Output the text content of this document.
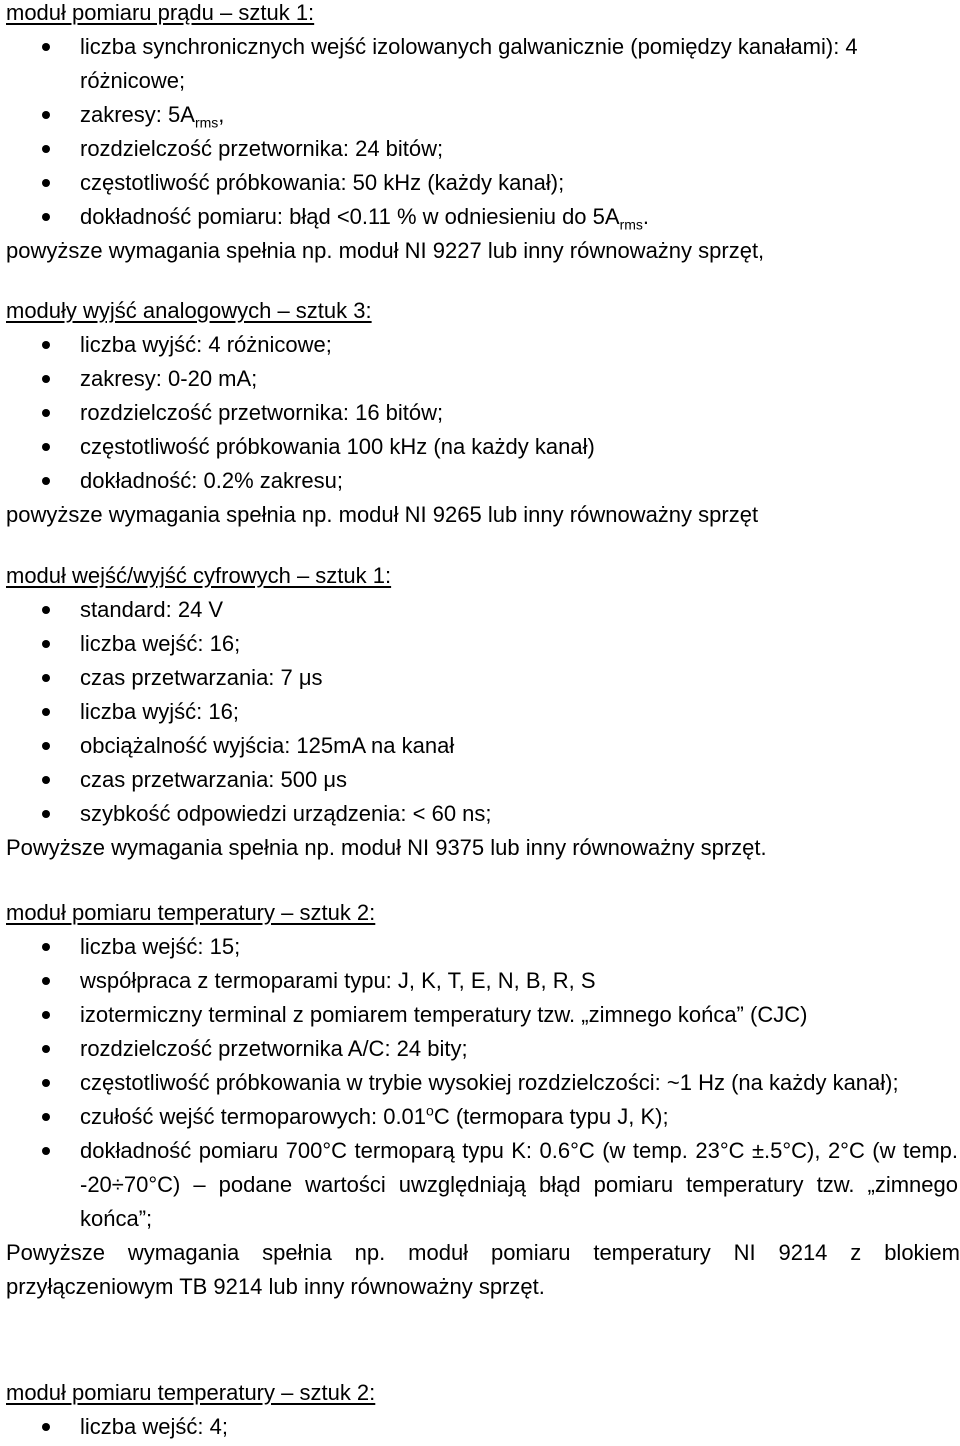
moduł pomiaru prądu – sztuk 1:

liczba synchronicznych wejść izolowanych galwanicznie (pomiędzy kanałami): 4 różnicowe;
zakresy: $5A_{rms}$,
rozdzielczość przetwornika: 24 bitów;
częstotliwość próbkowania: 50 kHz (każdy kanał);
dokładność pomiaru: błąd <0.11 % w odniesieniu do $5A_{rms}$.

powyższe wymagania spełnia np. moduł NI 9227 lub inny równoważny sprzęt,

moduły wyjść analogowych – sztuk 3:

liczba wyjść: 4 różnicowe;
zakresy: 0-20 mA;
rozdzielczość przetwornika: 16 bitów;
częstotliwość próbkowania 100 kHz (na każdy kanał)
dokładność: 0.2% zakresu;

powyższe wymagania spełnia np. moduł NI 9265 lub inny równoważny sprzęt

moduł wejść/wyjść cyfrowych – sztuk 1:

standard: 24 V
liczba wejść: 16;
czas przetwarzania: 7 μs
liczba wyjść: 16;
obciążalność wyjścia: 125mA na kanał
czas przetwarzania: 500 μs
szybkość odpowiedzi urządzenia: < 60 ns;

Powyższe wymagania spełnia np. moduł NI 9375 lub inny równoważny sprzęt.

moduł pomiaru temperatury – sztuk 2:

liczba wejść: 15;
współpraca z termoparami typu: J, K, T, E, N, B, R, S
izotermiczny terminal z pomiarem temperatury tzw. „zimnego końca” (CJC)
rozdzielczość przetwornika A/C: 24 bity;
częstotliwość próbkowania w trybie wysokiej rozdzielczości: ~1 Hz (na każdy kanał);
czułość wejść termoparowych: 0.01$^o$C (termopara typu J, K);
dokładność pomiaru 700°C termoparą typu K: 0.6°C (w temp. 23°C ±.5°C), 2°C (w temp. -20÷70°C) – podane wartości uwzględniają błąd pomiaru temperatury tzw. „zimnego końca”;

Powyższe wymagania spełnia np. moduł pomiaru temperatury NI 9214 z blokiem przyłączeniowym TB 9214 lub inny równoważny sprzęt.

moduł pomiaru temperatury – sztuk 2:

liczba wejść: 4;
